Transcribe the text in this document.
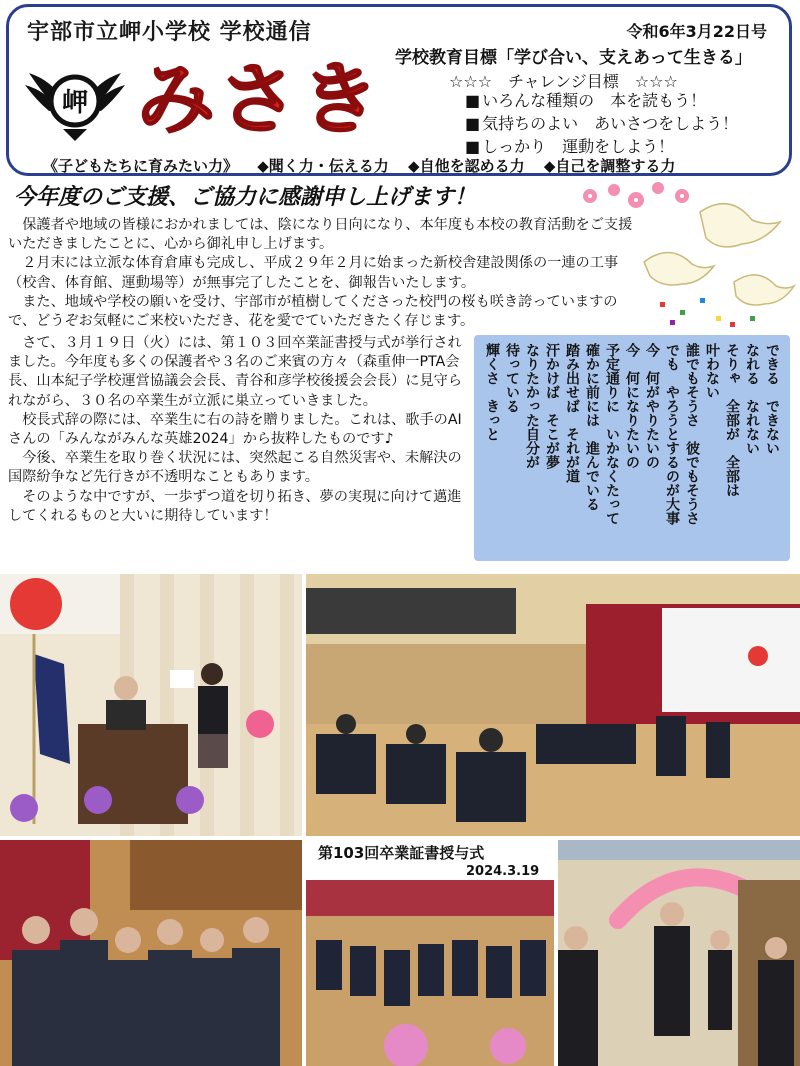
宇部市立岬小学校 学校通信	令和6年3月22日号
岬 みさき 学校教育目標「学び合い、支えあって生きる」
☆☆☆　チャレンジ目標　☆☆☆
■ いろんな種類の　本を読もう！
■ 気持ちのよい　あいさつをしよう！
■ しっかり　運動をしよう！
《子どもたちに育みたい力》 ◆聞く力・伝える力 ◆自他を認める力 ◆自己を調整する力
今年度のご支援、ご協力に感謝申し上げます！

保護者や地域の皆様におかれましては、陰になり日向になり、本年度も本校の教育活動をご支援いただきましたことに、心から御礼申し上げます。

２月末には立派な体育倉庫も完成し、平成２９年２月に始まった新校舎建設関係の一連の工事（校舎、体育館、運動場等）が無事完了したことを、御報告いたします。

また、地域や学校の願いを受け、宇部市が植樹してくださった校門の桜も咲き誇っていますので、どうぞお気軽にご来校いただき、花を愛でていただきたく存じます。

さて、３月１９日（火）には、第１０３回卒業証書授与式が挙行されました。今年度も多くの保護者や３名のご来賓の方々（森重伸一PTA会長、山本紀子学校運営協議会会長、青谷和彦学校後援会会長）に見守られながら、３０名の卒業生が立派に巣立っていきました。

校長式辞の際には、卒業生に右の詩を贈りました。これは、歌手のAIさんの「みんながみんな英雄2024」から抜粋したものです♪

今後、卒業生を取り巻く状況には、突然起こる自然災害や、未解決の国際紛争など先行きが不透明なこともあります。

そのような中ですが、一歩ずつ道を切り拓き、夢の実現に向けて邁進してくれるものと大いに期待しています！

できる　できない
なれる　なれない
そりゃ　全部が　全部は
叶わない
誰でもそうさ　彼でもそうさ
でも　やろうとするのが大事
今　何がやりたいの
今　何になりたいの
予定通りに　いかなくたって
確かに前には　進んでいる
踏み出せば　それが道
汗かけば　そこが夢
なりたかった自分が
待っている
輝くさ　きっと
第103回卒業証書授与式
2024.3.19
